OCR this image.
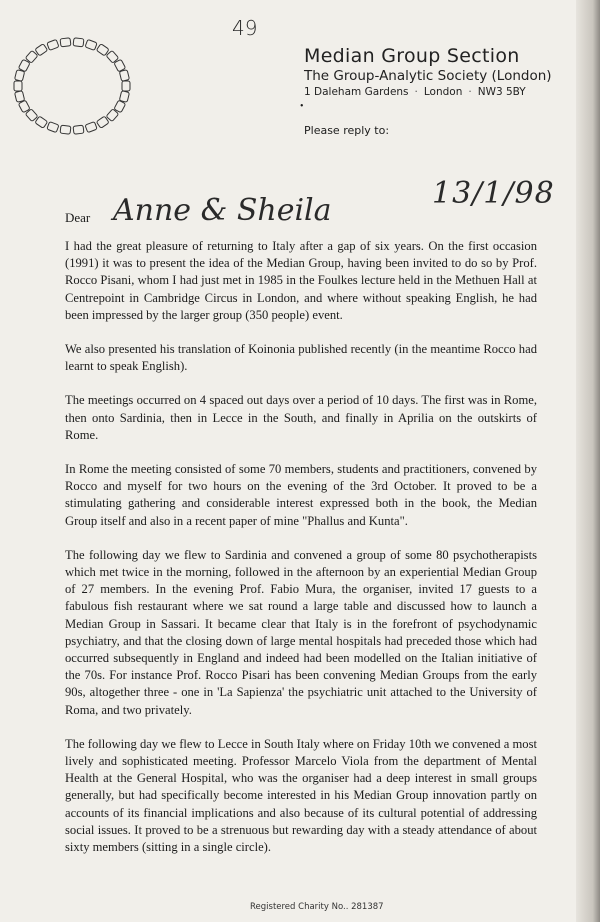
49
Median Group Section
The Group-Analytic Society (London)
1 Daleham Gardens · London · NW3 5BY
•
Please reply to:
13/1/98
Dear Anne & Sheila

I had the great pleasure of returning to Italy after a gap of six years. On the first occasion (1991) it was to present the idea of the Median Group, having been invited to do so by Prof. Rocco Pisani, whom I had just met in 1985 in the Foulkes lecture held in the Methuen Hall at Centrepoint in Cambridge Circus in London, and where without speaking English, he had been impressed by the larger group (350 people) event.

We also presented his translation of Koinonia published recently (in the meantime Rocco had learnt to speak English).

The meetings occurred on 4 spaced out days over a period of 10 days. The first was in Rome, then onto Sardinia, then in Lecce in the South, and finally in Aprilia on the outskirts of Rome.

In Rome the meeting consisted of some 70 members, students and practitioners, convened by Rocco and myself for two hours on the evening of the 3rd October. It proved to be a stimulating gathering and considerable interest expressed both in the book, the Median Group itself and also in a recent paper of mine "Phallus and Kunta".

The following day we flew to Sardinia and convened a group of some 80 psychotherapists which met twice in the morning, followed in the afternoon by an experiential Median Group of 27 members. In the evening Prof. Fabio Mura, the organiser, invited 17 guests to a fabulous fish restaurant where we sat round a large table and discussed how to launch a Median Group in Sassari. It became clear that Italy is in the forefront of psychodynamic psychiatry, and that the closing down of large mental hospitals had preceded those which had occurred subsequently in England and indeed had been modelled on the Italian initiative of the 70s. For instance Prof. Rocco Pisari has been convening Median Groups from the early 90s, altogether three - one in 'La Sapienza' the psychiatric unit attached to the University of Roma, and two privately.

The following day we flew to Lecce in South Italy where on Friday 10th we convened a most lively and sophisticated meeting. Professor Marcelo Viola from the department of Mental Health at the General Hospital, who was the organiser had a deep interest in small groups generally, but had specifically become interested in his Median Group innovation partly on accounts of its financial implications and also because of its cultural potential of addressing social issues. It proved to be a strenuous but rewarding day with a steady attendance of about sixty members (sitting in a single circle).

Registered Charity No.. 281387
